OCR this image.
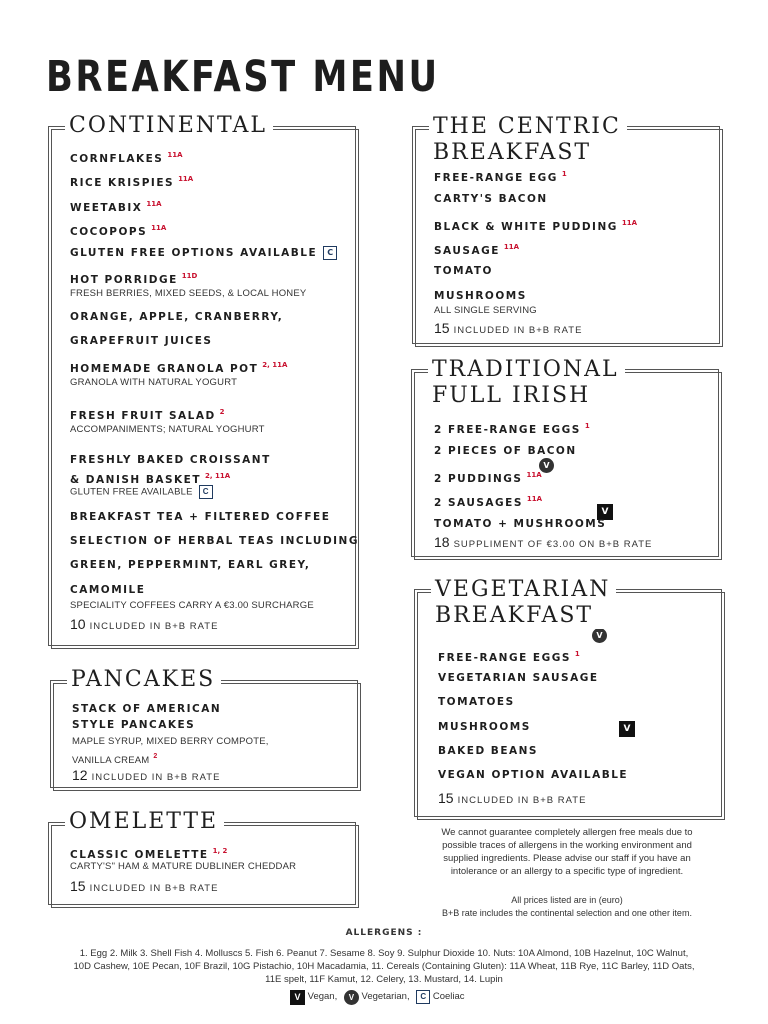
BREAKFAST MENU
CONTINENTAL
CORNFLAKES $^{11A}$
RICE KRISPIES $^{11A}$
WEETABIX $^{11A}$
COCOPOPS $^{11A}$
GLUTEN FREE OPTIONS AVAILABLE C
HOT PORRIDGE $^{11D}$
FRESH BERRIES, MIXED SEEDS, & LOCAL HONEY
ORANGE, APPLE, CRANBERRY,
GRAPEFRUIT JUICES
HOMEMADE GRANOLA POT $^{2, 11A}$
GRANOLA WITH NATURAL YOGURT
FRESH FRUIT SALAD $^2$
ACCOMPANIMENTS; NATURAL YOGHURT
FRESHLY BAKED CROISSANT
& DANISH BASKET $^{2, 11A}$
GLUTEN FREE AVAILABLE C
BREAKFAST TEA + FILTERED COFFEE
SELECTION OF HERBAL TEAS INCLUDING
GREEN, PEPPERMINT, EARL GREY,
CAMOMILE
SPECIALITY COFFEES CARRY A €3.00 SURCHARGE
10 INCLUDED IN B+B RATE
PANCAKES
STACK OF AMERICAN
STYLE PANCAKES
MAPLE SYRUP, MIXED BERRY COMPOTE,
VANILLA CREAM $^2$
12 INCLUDED IN B+B RATE
OMELETTE
CLASSIC OMELETTE $^{1, 2}$
CARTY'S" HAM & MATURE DUBLINER CHEDDAR
15 INCLUDED IN B+B RATE
THE CENTRIC
BREAKFAST
FREE-RANGE EGG $^1$
CARTY'S BACON
BLACK & WHITE PUDDING $^{11A}$
SAUSAGE $^{11A}$
TOMATO
MUSHROOMS
ALL SINGLE SERVING
15 INCLUDED IN B+B RATE
TRADITIONAL
FULL IRISH
2 FREE-RANGE EGGS $^1$
2 PIECES OF BACON
2 PUDDINGS $^{11A}$
V
2 SAUSAGES $^{11A}$
V
TOMATO + MUSHROOMS
18 SUPPLIMENT OF €3.00 ON B+B RATE
VEGETARIAN
BREAKFAST
V
FREE-RANGE EGGS $^1$
VEGETARIAN SAUSAGE
TOMATOES
MUSHROOMS	V
BAKED BEANS
VEGAN OPTION AVAILABLE
15 INCLUDED IN B+B RATE
We cannot guarantee completely allergen free meals due to
possible traces of allergens in the working environment and
supplied ingredients. Please advise our staff if you have an
intolerance or an allergy to a specific type of ingredient.
All prices listed are in (euro)
B+B rate includes the continental selection and one other item.
ALLERGENS :
1. Egg 2. Milk 3. Shell Fish 4. Molluscs 5. Fish 6. Peanut 7. Sesame 8. Soy 9. Sulphur Dioxide 10. Nuts: 10A Almond, 10B Hazelnut, 10C Walnut,
10D Cashew, 10E Pecan, 10F Brazil, 10G Pistachio, 10H Macadamia, 11. Cereals (Containing Gluten): 11A Wheat, 11B Rye, 11C Barley, 11D Oats,
11E spelt, 11F Kamut, 12. Celery, 13. Mustard, 14. Lupin
V Vegan, V Vegetarian, C Coeliac
